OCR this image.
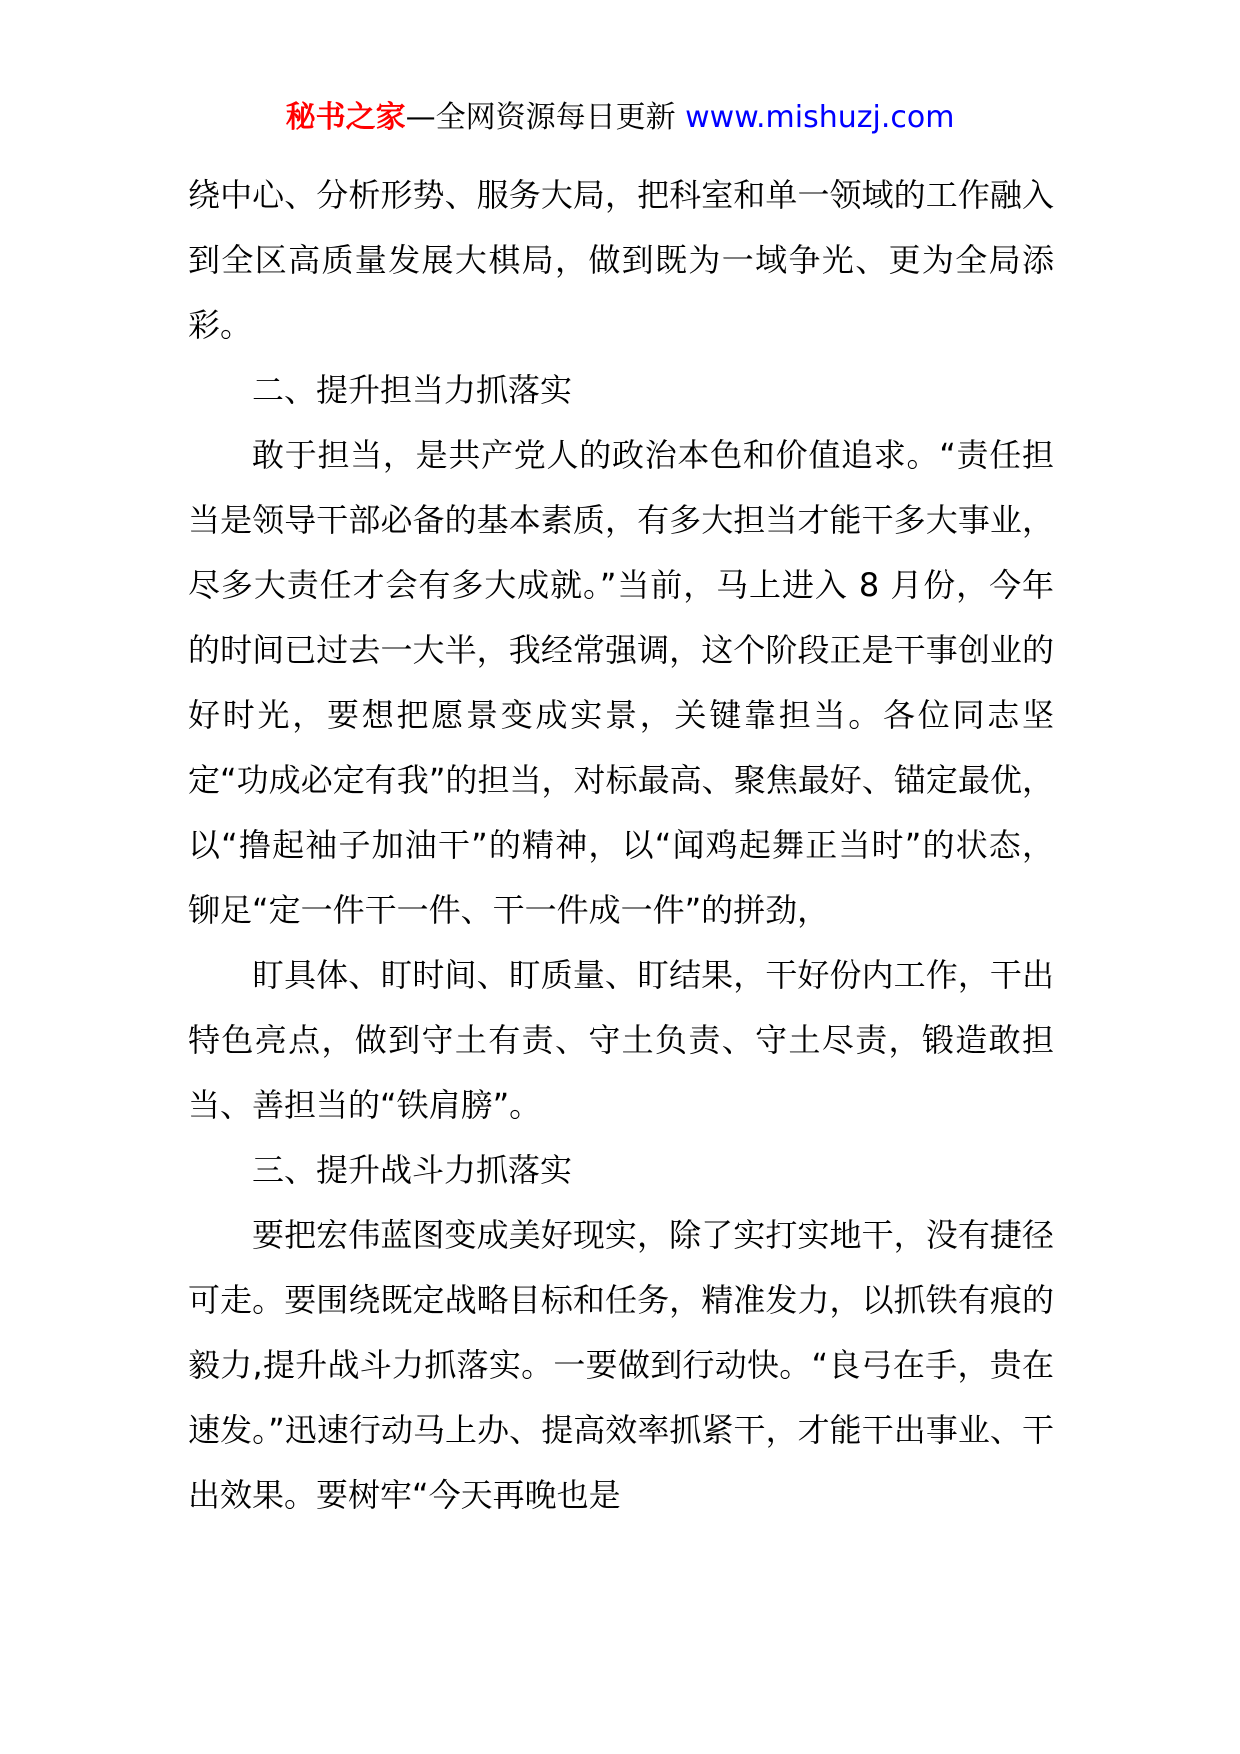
秘书之家—全网资源每日更新 www.mishuzj.com

绕中心、分析形势、服务大局，把科室和单一领域的工作融入到全区高质量发展大棋局，做到既为一域争光、更为全局添彩。

二、提升担当力抓落实

敢于担当，是共产党人的政治本色和价值追求。“责任担当是领导干部必备的基本素质，有多大担当才能干多大事业，尽多大责任才会有多大成就。”当前，马上进入 8 月份，今年的时间已过去一大半，我经常强调，这个阶段正是干事创业的好时光，要想把愿景变成实景，关键靠担当。各位同志坚定“功成必定有我”的担当，对标最高、聚焦最好、锚定最优，以“撸起袖子加油干”的精神，以“闻鸡起舞正当时”的状态，铆足“定一件干一件、干一件成一件”的拼劲，

盯具体、盯时间、盯质量、盯结果，干好份内工作，干出特色亮点，做到守土有责、守土负责、守土尽责，锻造敢担当、善担当的“铁肩膀”。

三、提升战斗力抓落实

要把宏伟蓝图变成美好现实，除了实打实地干，没有捷径可走。要围绕既定战略目标和任务，精准发力，以抓铁有痕的毅力,提升战斗力抓落实。一要做到行动快。“良弓在手，贵在速发。”迅速行动马上办、提高效率抓紧干，才能干出事业、干出效果。要树牢“今天再晚也是
